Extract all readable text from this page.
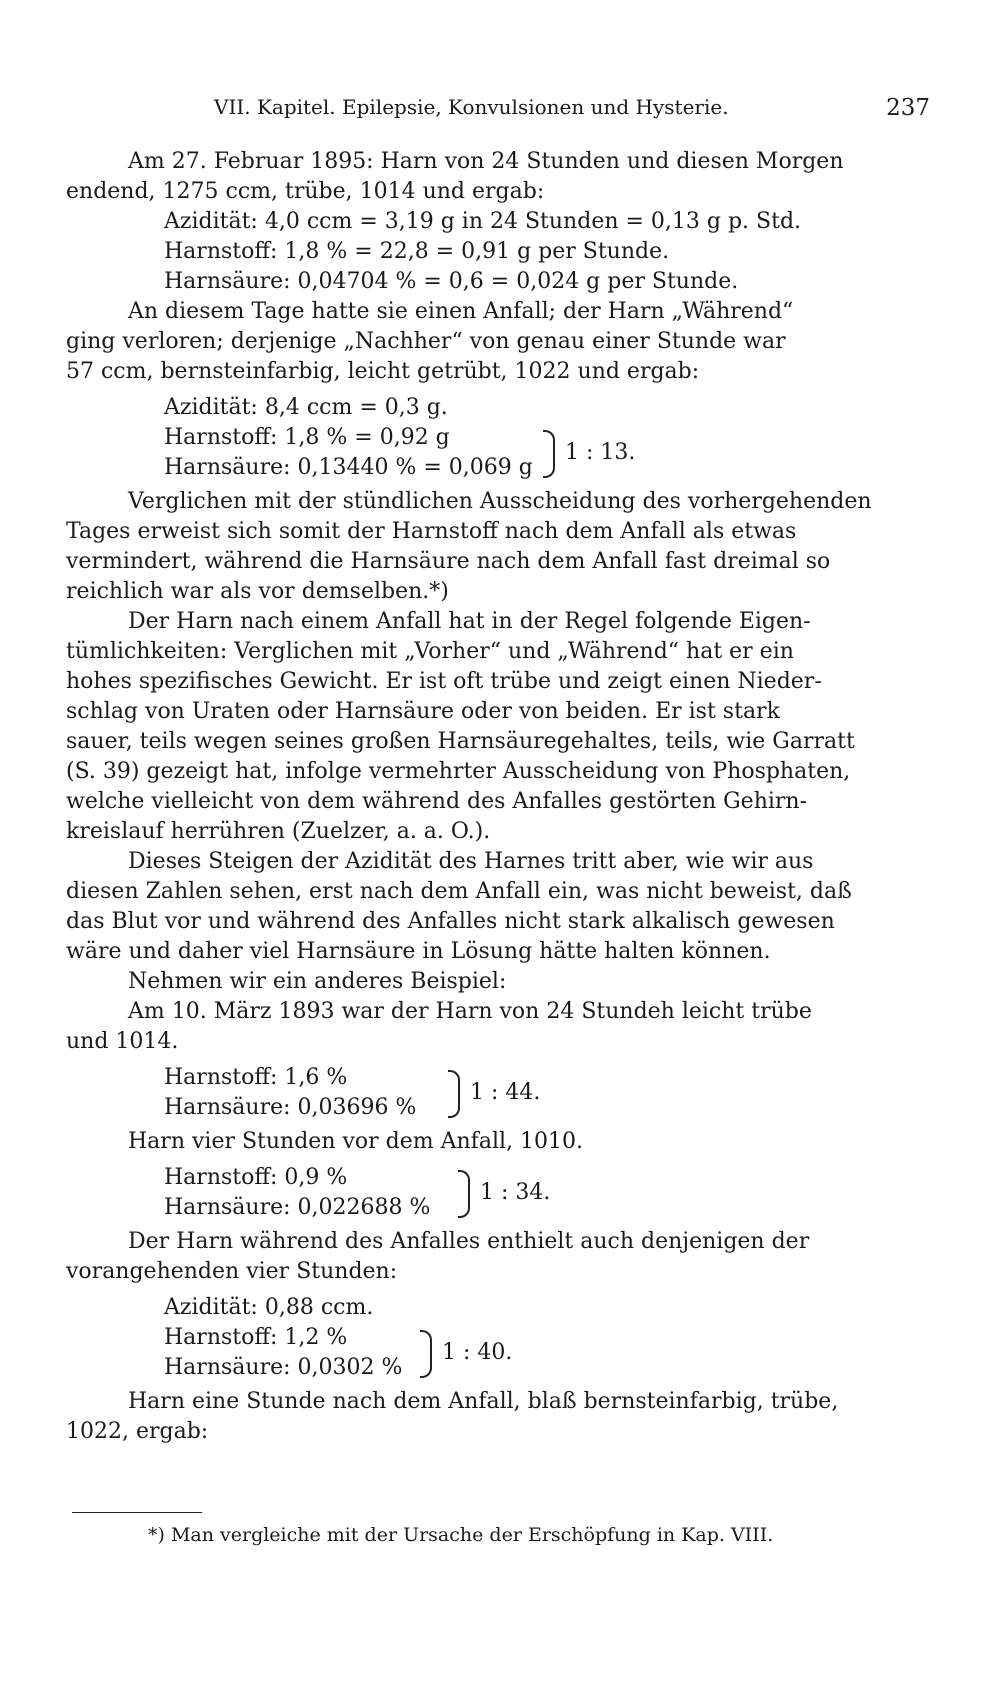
VII. Kapitel. Epilepsie, Konvulsionen und Hysterie.	237
Am 27. Februar 1895: Harn von 24 Stunden und diesen Morgen
endend, 1275 ccm, trübe, 1014 und ergab:
Azidität: 4,0 ccm = 3,19 g in 24 Stunden = 0,13 g p. Std.
Harnstoff: 1,8 % = 22,8 = 0,91 g per Stunde.
Harnsäure: 0,04704 % = 0,6 = 0,024 g per Stunde.
An diesem Tage hatte sie einen Anfall; der Harn „Während“
ging verloren; derjenige „Nachher“ von genau einer Stunde war
57 ccm, bernsteinfarbig, leicht getrübt, 1022 und ergab:
Azidität: 8,4 ccm = 0,3 g.
Harnstoff: 1,8 % = 0,92 g
Harnsäure: 0,13440 % = 0,069 g
1 : 13.
Verglichen mit der stündlichen Ausscheidung des vorhergehenden
Tages erweist sich somit der Harnstoff nach dem Anfall als etwas
vermindert, während die Harnsäure nach dem Anfall fast dreimal so
reichlich war als vor demselben.*)
Der Harn nach einem Anfall hat in der Regel folgende Eigen-
tümlichkeiten: Verglichen mit „Vorher“ und „Während“ hat er ein
hohes spezifisches Gewicht. Er ist oft trübe und zeigt einen Nieder-
schlag von Uraten oder Harnsäure oder von beiden. Er ist stark
sauer, teils wegen seines großen Harnsäuregehaltes, teils, wie Garratt
(S. 39) gezeigt hat, infolge vermehrter Ausscheidung von Phosphaten,
welche vielleicht von dem während des Anfalles gestörten Gehirn-
kreislauf herrühren (Zuelzer, a. a. O.).
Dieses Steigen der Azidität des Harnes tritt aber, wie wir aus
diesen Zahlen sehen, erst nach dem Anfall ein, was nicht beweist, daß
das Blut vor und während des Anfalles nicht stark alkalisch gewesen
wäre und daher viel Harnsäure in Lösung hätte halten können.
Nehmen wir ein anderes Beispiel:
Am 10. März 1893 war der Harn von 24 Stundeh leicht trübe
und 1014.
Harnstoff: 1,6 %
Harnsäure: 0,03696 %
1 : 44.
Harn vier Stunden vor dem Anfall, 1010.
Harnstoff: 0,9 %
Harnsäure: 0,022688 %
1 : 34.
Der Harn während des Anfalles enthielt auch denjenigen der
vorangehenden vier Stunden:
Azidität: 0,88 ccm.
Harnstoff: 1,2 %
Harnsäure: 0,0302 %
1 : 40.
Harn eine Stunde nach dem Anfall, blaß bernsteinfarbig, trübe,
1022, ergab:
*) Man vergleiche mit der Ursache der Erschöpfung in Kap. VIII.
